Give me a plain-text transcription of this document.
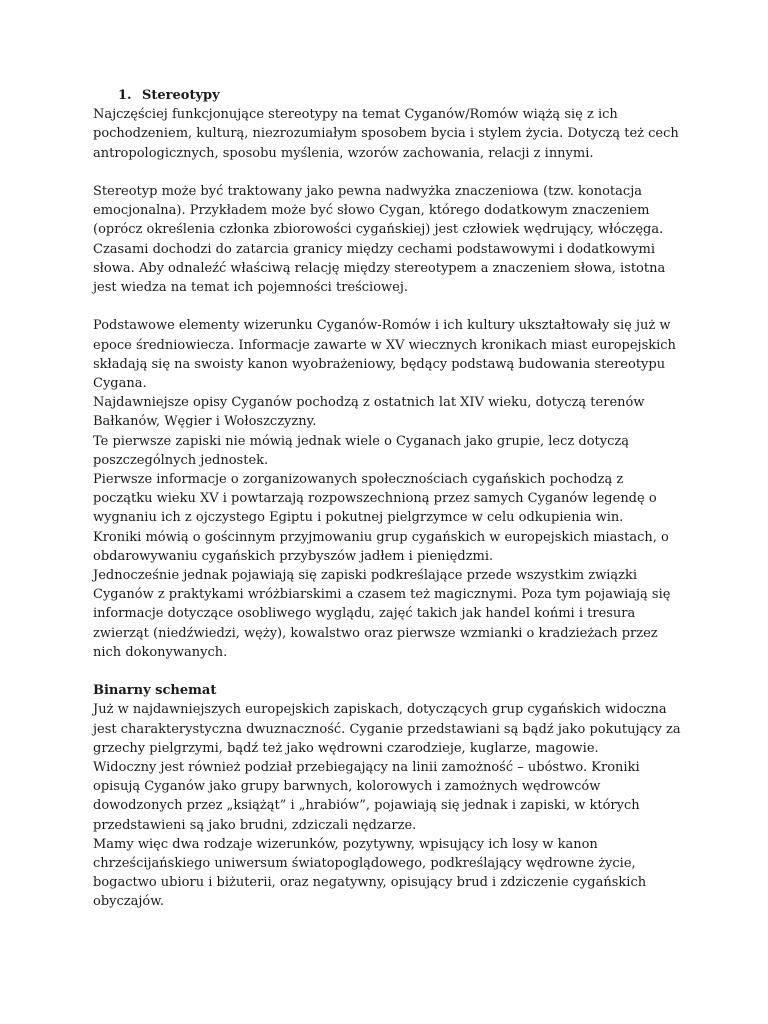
1. Stereotypy

Najczęściej funkcjonujące stereotypy na temat Cyganów/Romów wiążą się z ich pochodzeniem, kulturą, niezrozumiałym sposobem bycia i stylem życia. Dotyczą też cech antropologicznych, sposobu myślenia, wzorów zachowania, relacji z innymi.

Stereotyp może być traktowany jako pewna nadwyżka znaczeniowa (tzw. konotacja emocjonalna). Przykładem może być słowo Cygan, którego dodatkowym znaczeniem (oprócz określenia członka zbiorowości cygańskiej) jest człowiek wędrujący, włóczęga. Czasami dochodzi do zatarcia granicy między cechami podstawowymi i dodatkowymi słowa. Aby odnaleźć właściwą relację między stereotypem a znaczeniem słowa, istotna jest wiedza na temat ich pojemności treściowej.

Podstawowe elementy wizerunku Cyganów-Romów i ich kultury ukształtowały się już w epoce średniowiecza. Informacje zawarte w XV wiecznych kronikach miast europejskich składają się na swoisty kanon wyobrażeniowy, będący podstawą budowania stereotypu Cygana.

Najdawniejsze opisy Cyganów pochodzą z ostatnich lat XIV wieku, dotyczą terenów Bałkanów, Węgier i Wołoszczyzny.

Te pierwsze zapiski nie mówią jednak wiele o Cyganach jako grupie, lecz dotyczą poszczególnych jednostek.

Pierwsze informacje o zorganizowanych społecznościach cygańskich pochodzą z początku wieku XV i powtarzają rozpowszechnioną przez samych Cyganów legendę o wygnaniu ich z ojczystego Egiptu i pokutnej pielgrzymce w celu odkupienia win.

Kroniki mówią o gościnnym przyjmowaniu grup cygańskich w europejskich miastach, o obdarowywaniu cygańskich przybyszów jadłem i pieniędzmi.

Jednocześnie jednak pojawiają się zapiski podkreślające przede wszystkim związki Cyganów z praktykami wróżbiarskimi a czasem też magicznymi. Poza tym pojawiają się informacje dotyczące osobliwego wyglądu, zajęć takich jak handel końmi i tresura zwierząt (niedźwiedzi, węży), kowalstwo oraz pierwsze wzmianki o kradzieżach przez nich dokonywanych.

Binarny schemat

Już w najdawniejszych europejskich zapiskach, dotyczących grup cygańskich widoczna jest charakterystyczna dwuznaczność. Cyganie przedstawiani są bądź jako pokutujący za grzechy pielgrzymi, bądź też jako wędrowni czarodzieje, kuglarze, magowie.

Widoczny jest również podział przebiegający na linii zamożność – ubóstwo. Kroniki opisują Cyganów jako grupy barwnych, kolorowych i zamożnych wędrowców dowodzonych przez „książąt” i „hrabiów”, pojawiają się jednak i zapiski, w których przedstawieni są jako brudni, zdziczali nędzarze.

Mamy więc dwa rodzaje wizerunków, pozytywny, wpisujący ich losy w kanon chrześcijańskiego uniwersum światopoglądowego, podkreślający wędrowne życie, bogactwo ubioru i biżuterii, oraz negatywny, opisujący brud i zdziczenie cygańskich obyczajów.
